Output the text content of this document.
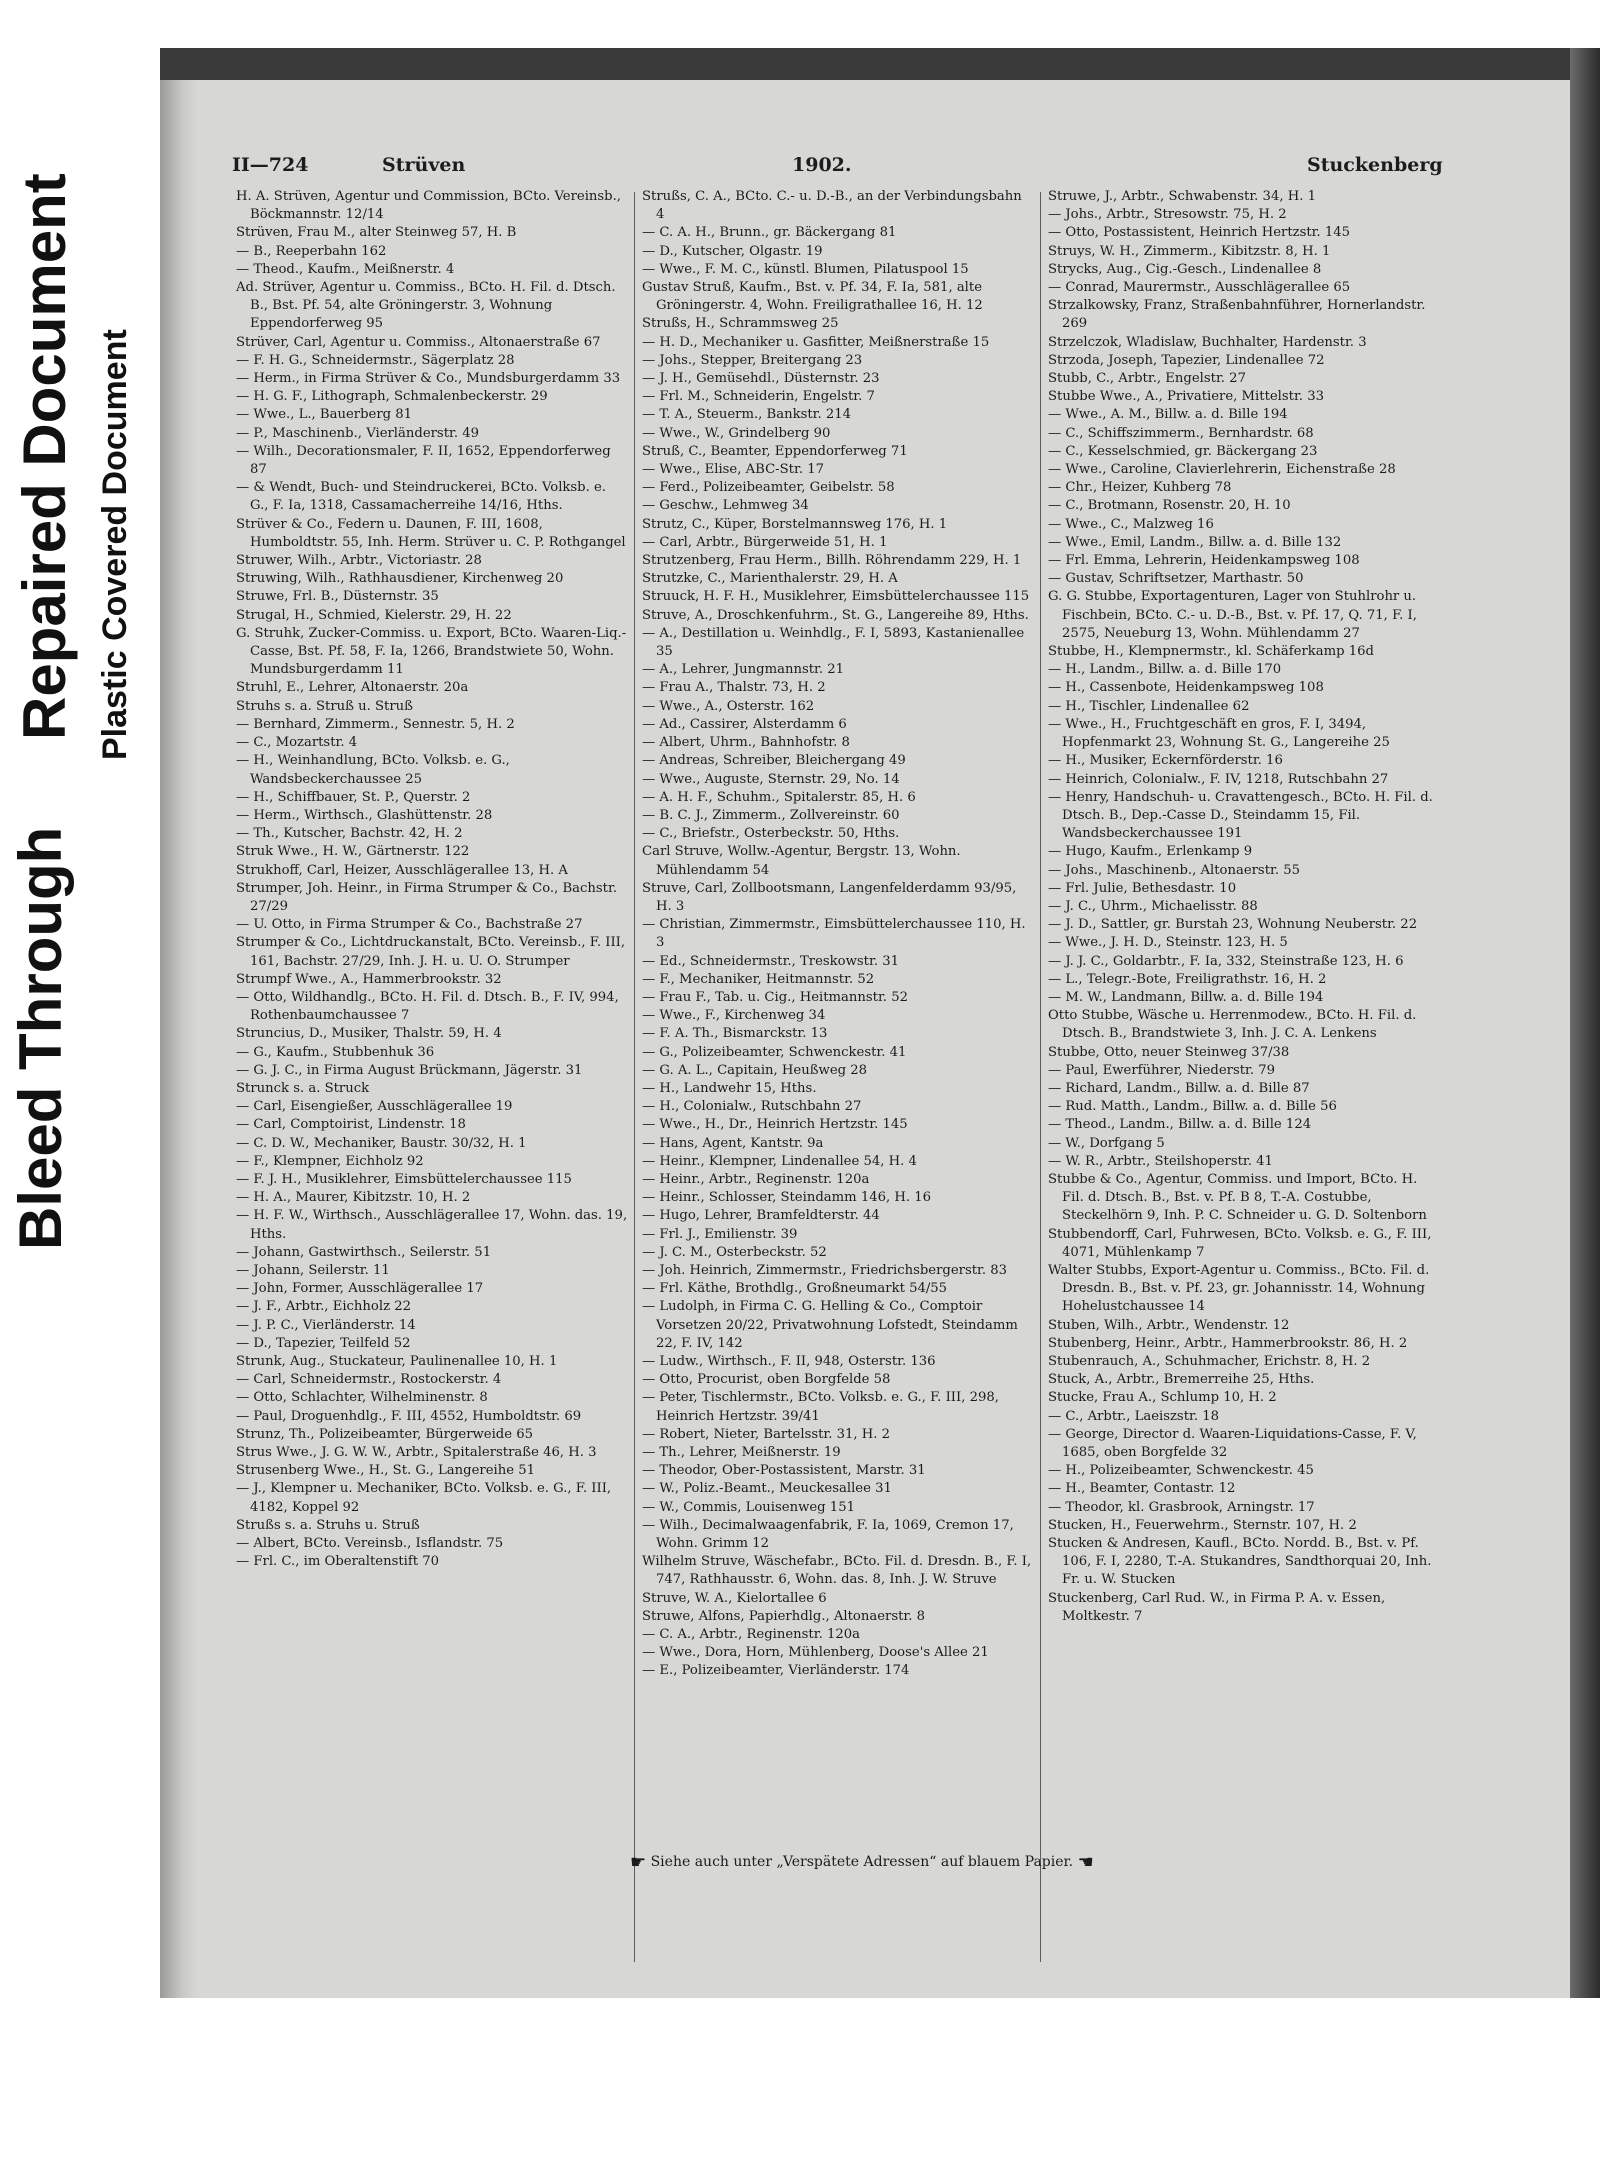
Bleed Through
Repaired Document Plastic Covered Document
II—724	Strüven	1902.	Stuckenberg

H. A. Strüven, Agentur und Commission, BCto. Vereinsb., Böckmannstr. 12/14

Strüven, Frau M., alter Steinweg 57, H. B

— B., Reeperbahn 162

— Theod., Kaufm., Meißnerstr. 4

Ad. Strüver, Agentur u. Commiss., BCto. H. Fil. d. Dtsch. B., Bst. Pf. 54, alte Gröningerstr. 3, Wohnung Eppendorferweg 95

Strüver, Carl, Agentur u. Commiss., Altonaerstraße 67

— F. H. G., Schneidermstr., Sägerplatz 28

— Herm., in Firma Strüver & Co., Mundsburgerdamm 33

— H. G. F., Lithograph, Schmalenbeckerstr. 29

— Wwe., L., Bauerberg 81

— P., Maschinenb., Vierländerstr. 49

— Wilh., Decorationsmaler, F. II, 1652, Eppendorferweg 87

— & Wendt, Buch- und Steindruckerei, BCto. Volksb. e. G., F. Ia, 1318, Cassamacherreihe 14/16, Hths.

Strüver & Co., Federn u. Daunen, F. III, 1608, Humboldtstr. 55, Inh. Herm. Strüver u. C. P. Rothgangel

Struwer, Wilh., Arbtr., Victoriastr. 28

Struwing, Wilh., Rathhausdiener, Kirchenweg 20

Struwe, Frl. B., Düsternstr. 35

Strugal, H., Schmied, Kielerstr. 29, H. 22

G. Struhk, Zucker-Commiss. u. Export, BCto. Waaren-Liq.-Casse, Bst. Pf. 58, F. Ia, 1266, Brandstwiete 50, Wohn. Mundsburgerdamm 11

Struhl, E., Lehrer, Altonaerstr. 20a

Struhs s. a. Struß u. Struß

— Bernhard, Zimmerm., Sennestr. 5, H. 2

— C., Mozartstr. 4

— H., Weinhandlung, BCto. Volksb. e. G., Wandsbeckerchaussee 25

— H., Schiffbauer, St. P., Querstr. 2

— Herm., Wirthsch., Glashüttenstr. 28

— Th., Kutscher, Bachstr. 42, H. 2

Struk Wwe., H. W., Gärtnerstr. 122

Strukhoff, Carl, Heizer, Ausschlägerallee 13, H. A

Strumper, Joh. Heinr., in Firma Strumper & Co., Bachstr. 27/29

— U. Otto, in Firma Strumper & Co., Bachstraße 27

Strumper & Co., Lichtdruckanstalt, BCto. Vereinsb., F. III, 161, Bachstr. 27/29, Inh. J. H. u. U. O. Strumper

Strumpf Wwe., A., Hammerbrookstr. 32

— Otto, Wildhandlg., BCto. H. Fil. d. Dtsch. B., F. IV, 994, Rothenbaumchaussee 7

Struncius, D., Musiker, Thalstr. 59, H. 4

— G., Kaufm., Stubbenhuk 36

— G. J. C., in Firma August Brückmann, Jägerstr. 31

Strunck s. a. Struck

— Carl, Eisengießer, Ausschlägerallee 19

— Carl, Comptoirist, Lindenstr. 18

— C. D. W., Mechaniker, Baustr. 30/32, H. 1

— F., Klempner, Eichholz 92

— F. J. H., Musiklehrer, Eimsbüttelerchaussee 115

— H. A., Maurer, Kibitzstr. 10, H. 2

— H. F. W., Wirthsch., Ausschlägerallee 17, Wohn. das. 19, Hths.

— Johann, Gastwirthsch., Seilerstr. 51

— Johann, Seilerstr. 11

— John, Former, Ausschlägerallee 17

— J. F., Arbtr., Eichholz 22

— J. P. C., Vierländerstr. 14

— D., Tapezier, Teilfeld 52

Strunk, Aug., Stuckateur, Paulinenallee 10, H. 1

— Carl, Schneidermstr., Rostockerstr. 4

— Otto, Schlachter, Wilhelminenstr. 8

— Paul, Droguenhdlg., F. III, 4552, Humboldtstr. 69

Strunz, Th., Polizeibeamter, Bürgerweide 65

Strus Wwe., J. G. W. W., Arbtr., Spitalerstraße 46, H. 3

Strusenberg Wwe., H., St. G., Langereihe 51

— J., Klempner u. Mechaniker, BCto. Volksb. e. G., F. III, 4182, Koppel 92

Strußs s. a. Struhs u. Struß

— Albert, BCto. Vereinsb., Isflandstr. 75

— Frl. C., im Oberaltenstift 70

Strußs, C. A., BCto. C.- u. D.-B., an der Verbindungsbahn 4

— C. A. H., Brunn., gr. Bäckergang 81

— D., Kutscher, Olgastr. 19

— Wwe., F. M. C., künstl. Blumen, Pilatuspool 15

Gustav Struß, Kaufm., Bst. v. Pf. 34, F. Ia, 581, alte Gröningerstr. 4, Wohn. Freiligrathallee 16, H. 12

Strußs, H., Schrammsweg 25

— H. D., Mechaniker u. Gasfitter, Meißnerstraße 15

— Johs., Stepper, Breitergang 23

— J. H., Gemüsehdl., Düsternstr. 23

— Frl. M., Schneiderin, Engelstr. 7

— T. A., Steuerm., Bankstr. 214

— Wwe., W., Grindelberg 90

Struß, C., Beamter, Eppendorferweg 71

— Wwe., Elise, ABC-Str. 17

— Ferd., Polizeibeamter, Geibelstr. 58

— Geschw., Lehmweg 34

Strutz, C., Küper, Borstelmannsweg 176, H. 1

— Carl, Arbtr., Bürgerweide 51, H. 1

Strutzenberg, Frau Herm., Billh. Röhrendamm 229, H. 1

Strutzke, C., Marienthalerstr. 29, H. A

Struuck, H. F. H., Musiklehrer, Eimsbüttelerchaussee 115

Struve, A., Droschkenfuhrm., St. G., Langereihe 89, Hths.

— A., Destillation u. Weinhdlg., F. I, 5893, Kastanienallee 35

— A., Lehrer, Jungmannstr. 21

— Frau A., Thalstr. 73, H. 2

— Wwe., A., Osterstr. 162

— Ad., Cassirer, Alsterdamm 6

— Albert, Uhrm., Bahnhofstr. 8

— Andreas, Schreiber, Bleichergang 49

— Wwe., Auguste, Sternstr. 29, No. 14

— A. H. F., Schuhm., Spitalerstr. 85, H. 6

— B. C. J., Zimmerm., Zollvereinstr. 60

— C., Briefstr., Osterbeckstr. 50, Hths.

Carl Struve, Wollw.-Agentur, Bergstr. 13, Wohn. Mühlendamm 54

Struve, Carl, Zollbootsmann, Langenfelderdamm 93/95, H. 3

— Christian, Zimmermstr., Eimsbüttelerchaussee 110, H. 3

— Ed., Schneidermstr., Treskowstr. 31

— F., Mechaniker, Heitmannstr. 52

— Frau F., Tab. u. Cig., Heitmannstr. 52

— Wwe., F., Kirchenweg 34

— F. A. Th., Bismarckstr. 13

— G., Polizeibeamter, Schwenckestr. 41

— G. A. L., Capitain, Heußweg 28

— H., Landwehr 15, Hths.

— H., Colonialw., Rutschbahn 27

— Wwe., H., Dr., Heinrich Hertzstr. 145

— Hans, Agent, Kantstr. 9a

— Heinr., Klempner, Lindenallee 54, H. 4

— Heinr., Arbtr., Reginenstr. 120a

— Heinr., Schlosser, Steindamm 146, H. 16

— Hugo, Lehrer, Bramfeldterstr. 44

— Frl. J., Emilienstr. 39

— J. C. M., Osterbeckstr. 52

— Joh. Heinrich, Zimmermstr., Friedrichsbergerstr. 83

— Frl. Käthe, Brothdlg., Großneumarkt 54/55

— Ludolph, in Firma C. G. Helling & Co., Comptoir Vorsetzen 20/22, Privatwohnung Lofstedt, Steindamm 22, F. IV, 142

— Ludw., Wirthsch., F. II, 948, Osterstr. 136

— Otto, Procurist, oben Borgfelde 58

— Peter, Tischlermstr., BCto. Volksb. e. G., F. III, 298, Heinrich Hertzstr. 39/41

— Robert, Nieter, Bartelsstr. 31, H. 2

— Th., Lehrer, Meißnerstr. 19

— Theodor, Ober-Postassistent, Marstr. 31

— W., Poliz.-Beamt., Meuckesallee 31

— W., Commis, Louisenweg 151

— Wilh., Decimalwaagenfabrik, F. Ia, 1069, Cremon 17, Wohn. Grimm 12

Wilhelm Struve, Wäschefabr., BCto. Fil. d. Dresdn. B., F. I, 747, Rathhausstr. 6, Wohn. das. 8, Inh. J. W. Struve

Struve, W. A., Kielortallee 6

Struwe, Alfons, Papierhdlg., Altonaerstr. 8

— C. A., Arbtr., Reginenstr. 120a

— Wwe., Dora, Horn, Mühlenberg, Doose's Allee 21

— E., Polizeibeamter, Vierländerstr. 174

Struwe, J., Arbtr., Schwabenstr. 34, H. 1

— Johs., Arbtr., Stresowstr. 75, H. 2

— Otto, Postassistent, Heinrich Hertzstr. 145

Struys, W. H., Zimmerm., Kibitzstr. 8, H. 1

Strycks, Aug., Cig.-Gesch., Lindenallee 8

— Conrad, Maurermstr., Ausschlägerallee 65

Strzalkowsky, Franz, Straßenbahnführer, Hornerlandstr. 269

Strzelczok, Wladislaw, Buchhalter, Hardenstr. 3

Strzoda, Joseph, Tapezier, Lindenallee 72

Stubb, C., Arbtr., Engelstr. 27

Stubbe Wwe., A., Privatiere, Mittelstr. 33

— Wwe., A. M., Billw. a. d. Bille 194

— C., Schiffszimmerm., Bernhardstr. 68

— C., Kesselschmied, gr. Bäckergang 23

— Wwe., Caroline, Clavierlehrerin, Eichenstraße 28

— Chr., Heizer, Kuhberg 78

— C., Brotmann, Rosenstr. 20, H. 10

— Wwe., C., Malzweg 16

— Wwe., Emil, Landm., Billw. a. d. Bille 132

— Frl. Emma, Lehrerin, Heidenkampsweg 108

— Gustav, Schriftsetzer, Marthastr. 50

G. G. Stubbe, Exportagenturen, Lager von Stuhlrohr u. Fischbein, BCto. C.- u. D.-B., Bst. v. Pf. 17, Q. 71, F. I, 2575, Neueburg 13, Wohn. Mühlendamm 27

Stubbe, H., Klempnermstr., kl. Schäferkamp 16d

— H., Landm., Billw. a. d. Bille 170

— H., Cassenbote, Heidenkampsweg 108

— H., Tischler, Lindenallee 62

— Wwe., H., Fruchtgeschäft en gros, F. I, 3494, Hopfenmarkt 23, Wohnung St. G., Langereihe 25

— H., Musiker, Eckernförderstr. 16

— Heinrich, Colonialw., F. IV, 1218, Rutschbahn 27

— Henry, Handschuh- u. Cravattengesch., BCto. H. Fil. d. Dtsch. B., Dep.-Casse D., Steindamm 15, Fil. Wandsbeckerchaussee 191

— Hugo, Kaufm., Erlenkamp 9

— Johs., Maschinenb., Altonaerstr. 55

— Frl. Julie, Bethesdastr. 10

— J. C., Uhrm., Michaelisstr. 88

— J. D., Sattler, gr. Burstah 23, Wohnung Neuberstr. 22

— Wwe., J. H. D., Steinstr. 123, H. 5

— J. J. C., Goldarbtr., F. Ia, 332, Steinstraße 123, H. 6

— L., Telegr.-Bote, Freiligrathstr. 16, H. 2

— M. W., Landmann, Billw. a. d. Bille 194

Otto Stubbe, Wäsche u. Herrenmodew., BCto. H. Fil. d. Dtsch. B., Brandstwiete 3, Inh. J. C. A. Lenkens

Stubbe, Otto, neuer Steinweg 37/38

— Paul, Ewerführer, Niederstr. 79

— Richard, Landm., Billw. a. d. Bille 87

— Rud. Matth., Landm., Billw. a. d. Bille 56

— Theod., Landm., Billw. a. d. Bille 124

— W., Dorfgang 5

— W. R., Arbtr., Steilshoperstr. 41

Stubbe & Co., Agentur, Commiss. und Import, BCto. H. Fil. d. Dtsch. B., Bst. v. Pf. B 8, T.-A. Costubbe, Steckelhörn 9, Inh. P. C. Schneider u. G. D. Soltenborn

Stubbendorff, Carl, Fuhrwesen, BCto. Volksb. e. G., F. III, 4071, Mühlenkamp 7

Walter Stubbs, Export-Agentur u. Commiss., BCto. Fil. d. Dresdn. B., Bst. v. Pf. 23, gr. Johannisstr. 14, Wohnung Hohelustchaussee 14

Stuben, Wilh., Arbtr., Wendenstr. 12

Stubenberg, Heinr., Arbtr., Hammerbrookstr. 86, H. 2

Stubenrauch, A., Schuhmacher, Erichstr. 8, H. 2

Stuck, A., Arbtr., Bremerreihe 25, Hths.

Stucke, Frau A., Schlump 10, H. 2

— C., Arbtr., Laeiszstr. 18

— George, Director d. Waaren-Liquidations-Casse, F. V, 1685, oben Borgfelde 32

— H., Polizeibeamter, Schwenckestr. 45

— H., Beamter, Contastr. 12

— Theodor, kl. Grasbrook, Arningstr. 17

Stucken, H., Feuerwehrm., Sternstr. 107, H. 2

Stucken & Andresen, Kaufl., BCto. Nordd. B., Bst. v. Pf. 106, F. I, 2280, T.-A. Stukandres, Sandthorquai 20, Inh. Fr. u. W. Stucken

Stuckenberg, Carl Rud. W., in Firma P. A. v. Essen, Moltkestr. 7

☛ Siehe auch unter „Verspätete Adressen“ auf blauem Papier. ☚
